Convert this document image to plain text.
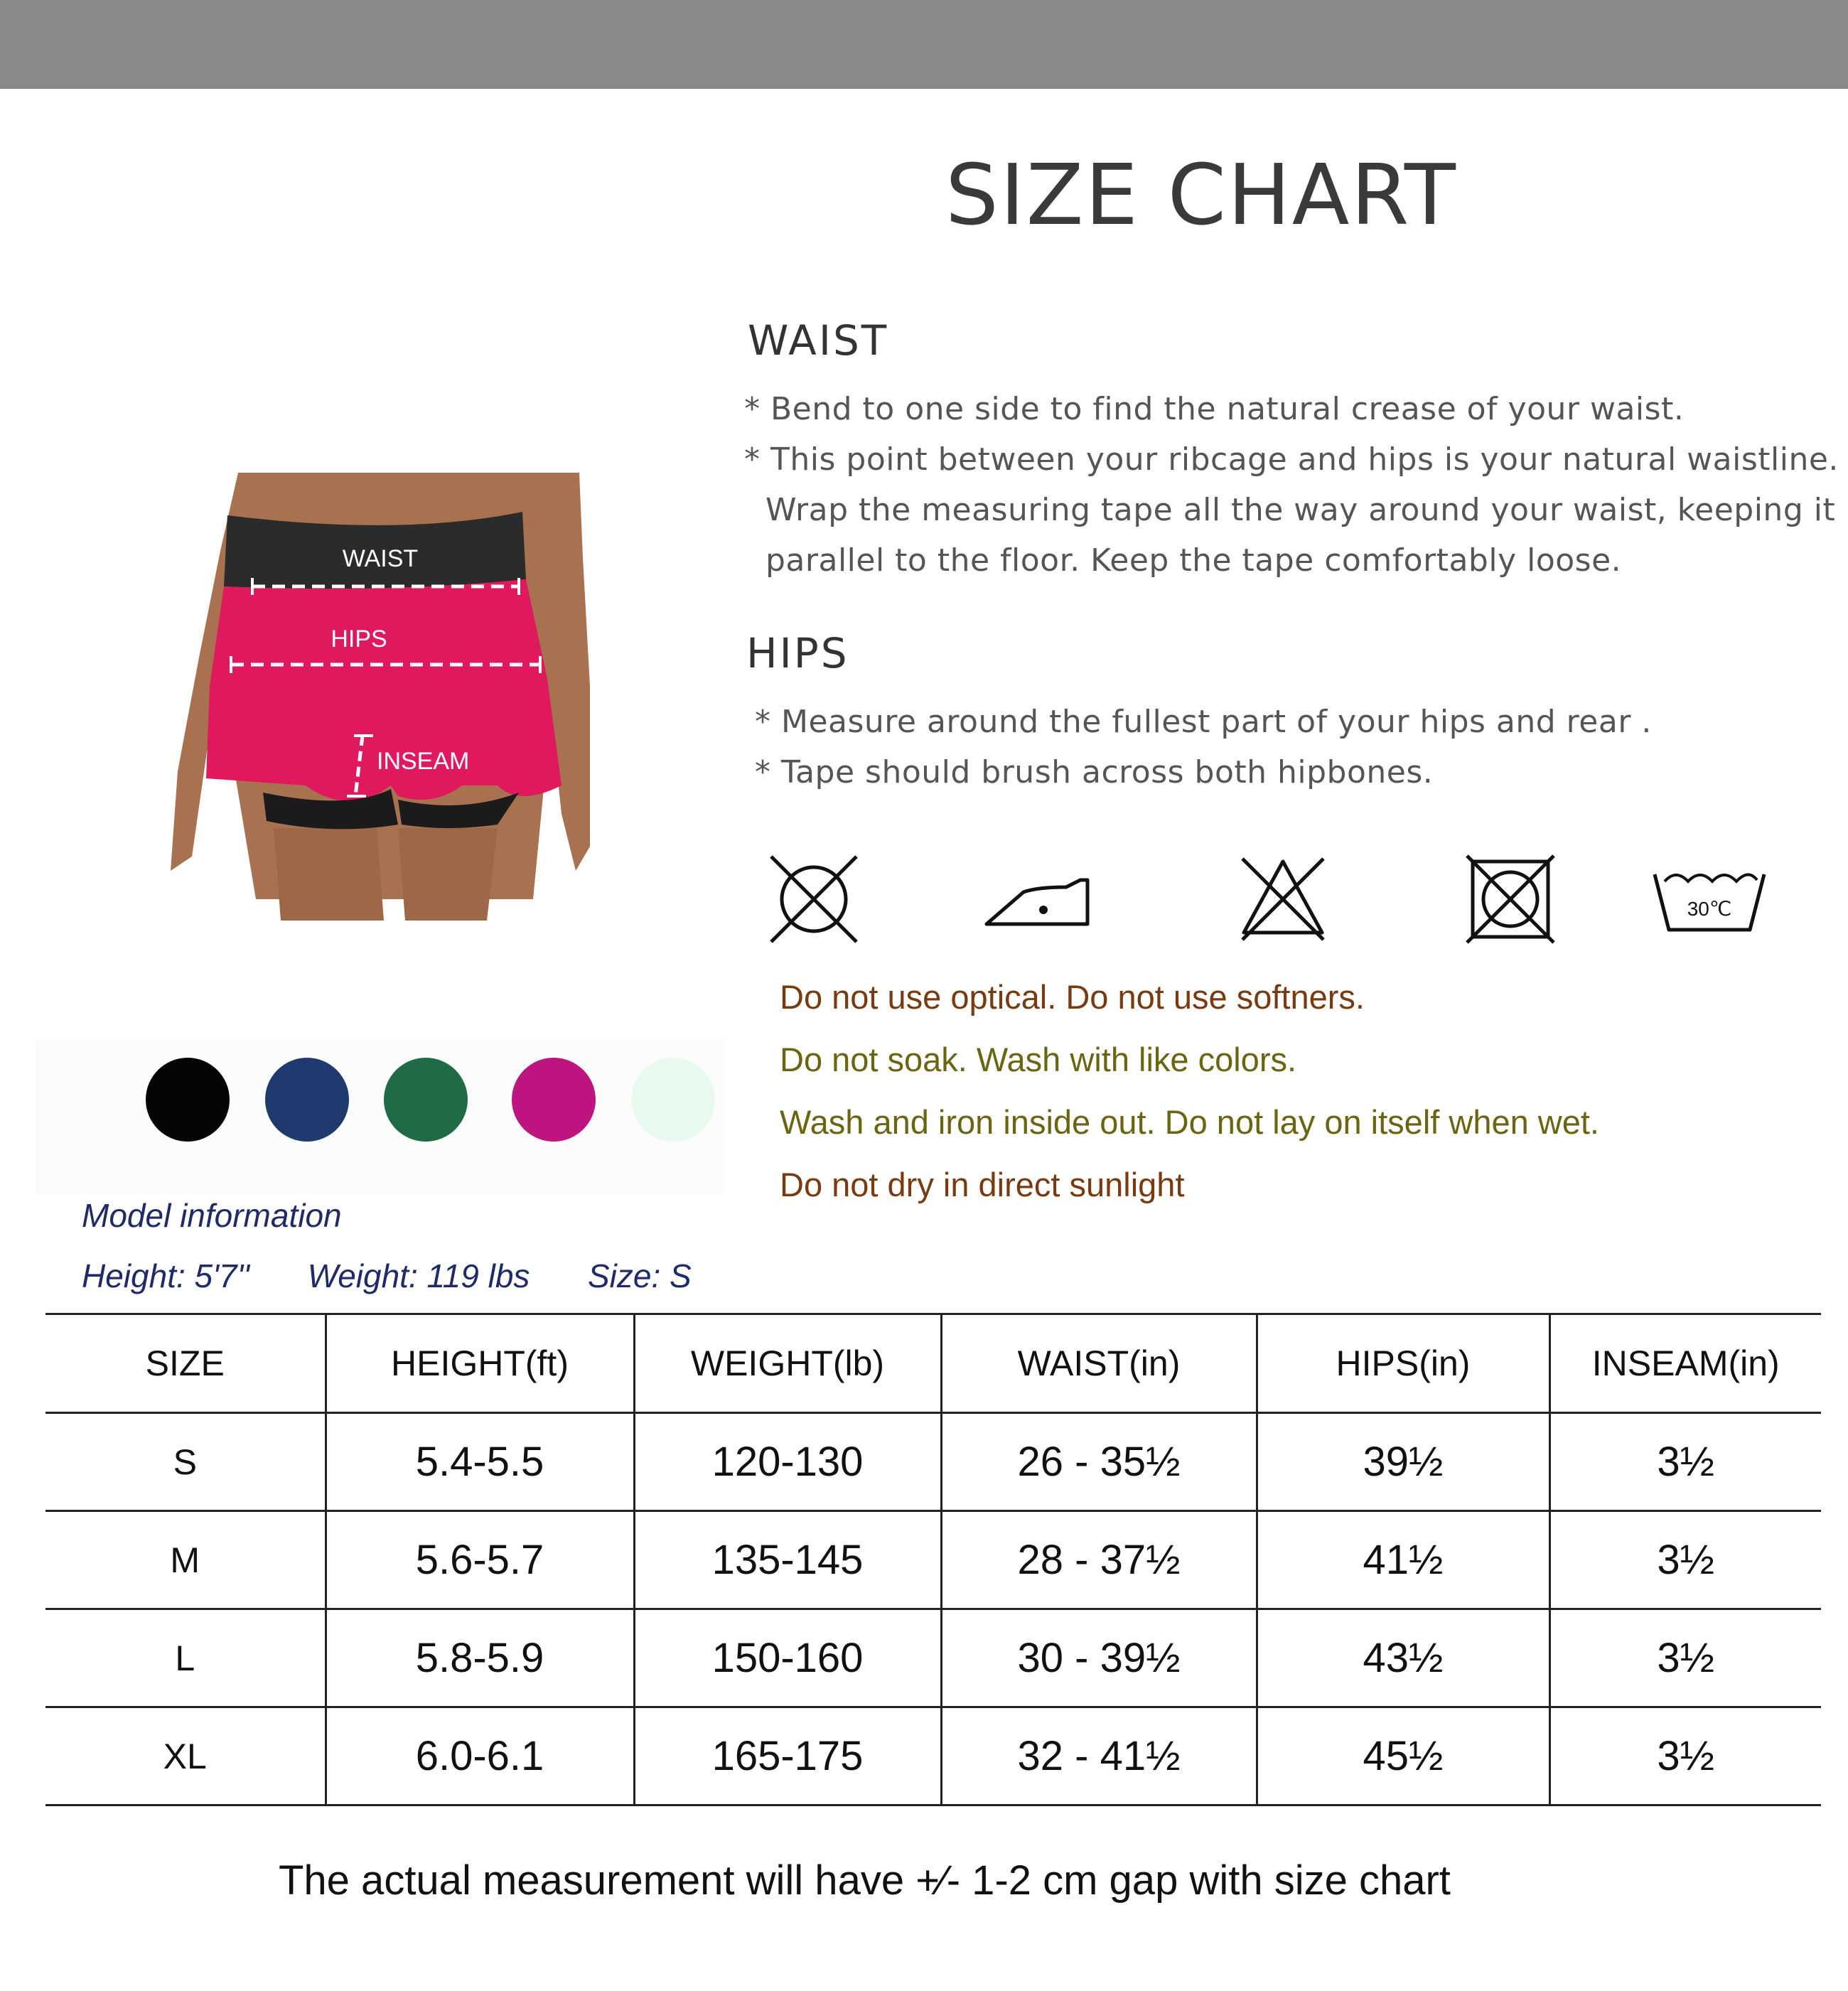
SIZE CHART
WAIST
* Bend to one side to find the natural crease of your waist.
* This point between your ribcage and hips is your natural waistline.
Wrap the measuring tape all the way around your waist, keeping it
parallel to the floor. Keep the tape comfortably loose.
HIPS
* Measure around the fullest part of your hips and rear .
* Tape should brush across both hipbones.
WAIST
HIPS
INSEAM
30℃
Do not use optical. Do not use softners.
Do not soak. Wash with like colors.
Wash and iron inside out. Do not lay on itself when wet.
Do not dry in direct sunlight
Model information
Height: 5'7'' Weight: 119 lbs Size: S
SIZE	HEIGHT(ft)	WEIGHT(lb)	WAIST(in)	HIPS(in)	INSEAM(in)
S	5.4-5.5	120-130	26 - 35½	39½	3½
M	5.6-5.7	135-145	28 - 37½	41½	3½
L	5.8-5.9	150-160	30 - 39½	43½	3½
XL	6.0-6.1	165-175	32 - 41½	45½	3½
The actual measurement will have +⁄- 1-2 cm gap with size chart
